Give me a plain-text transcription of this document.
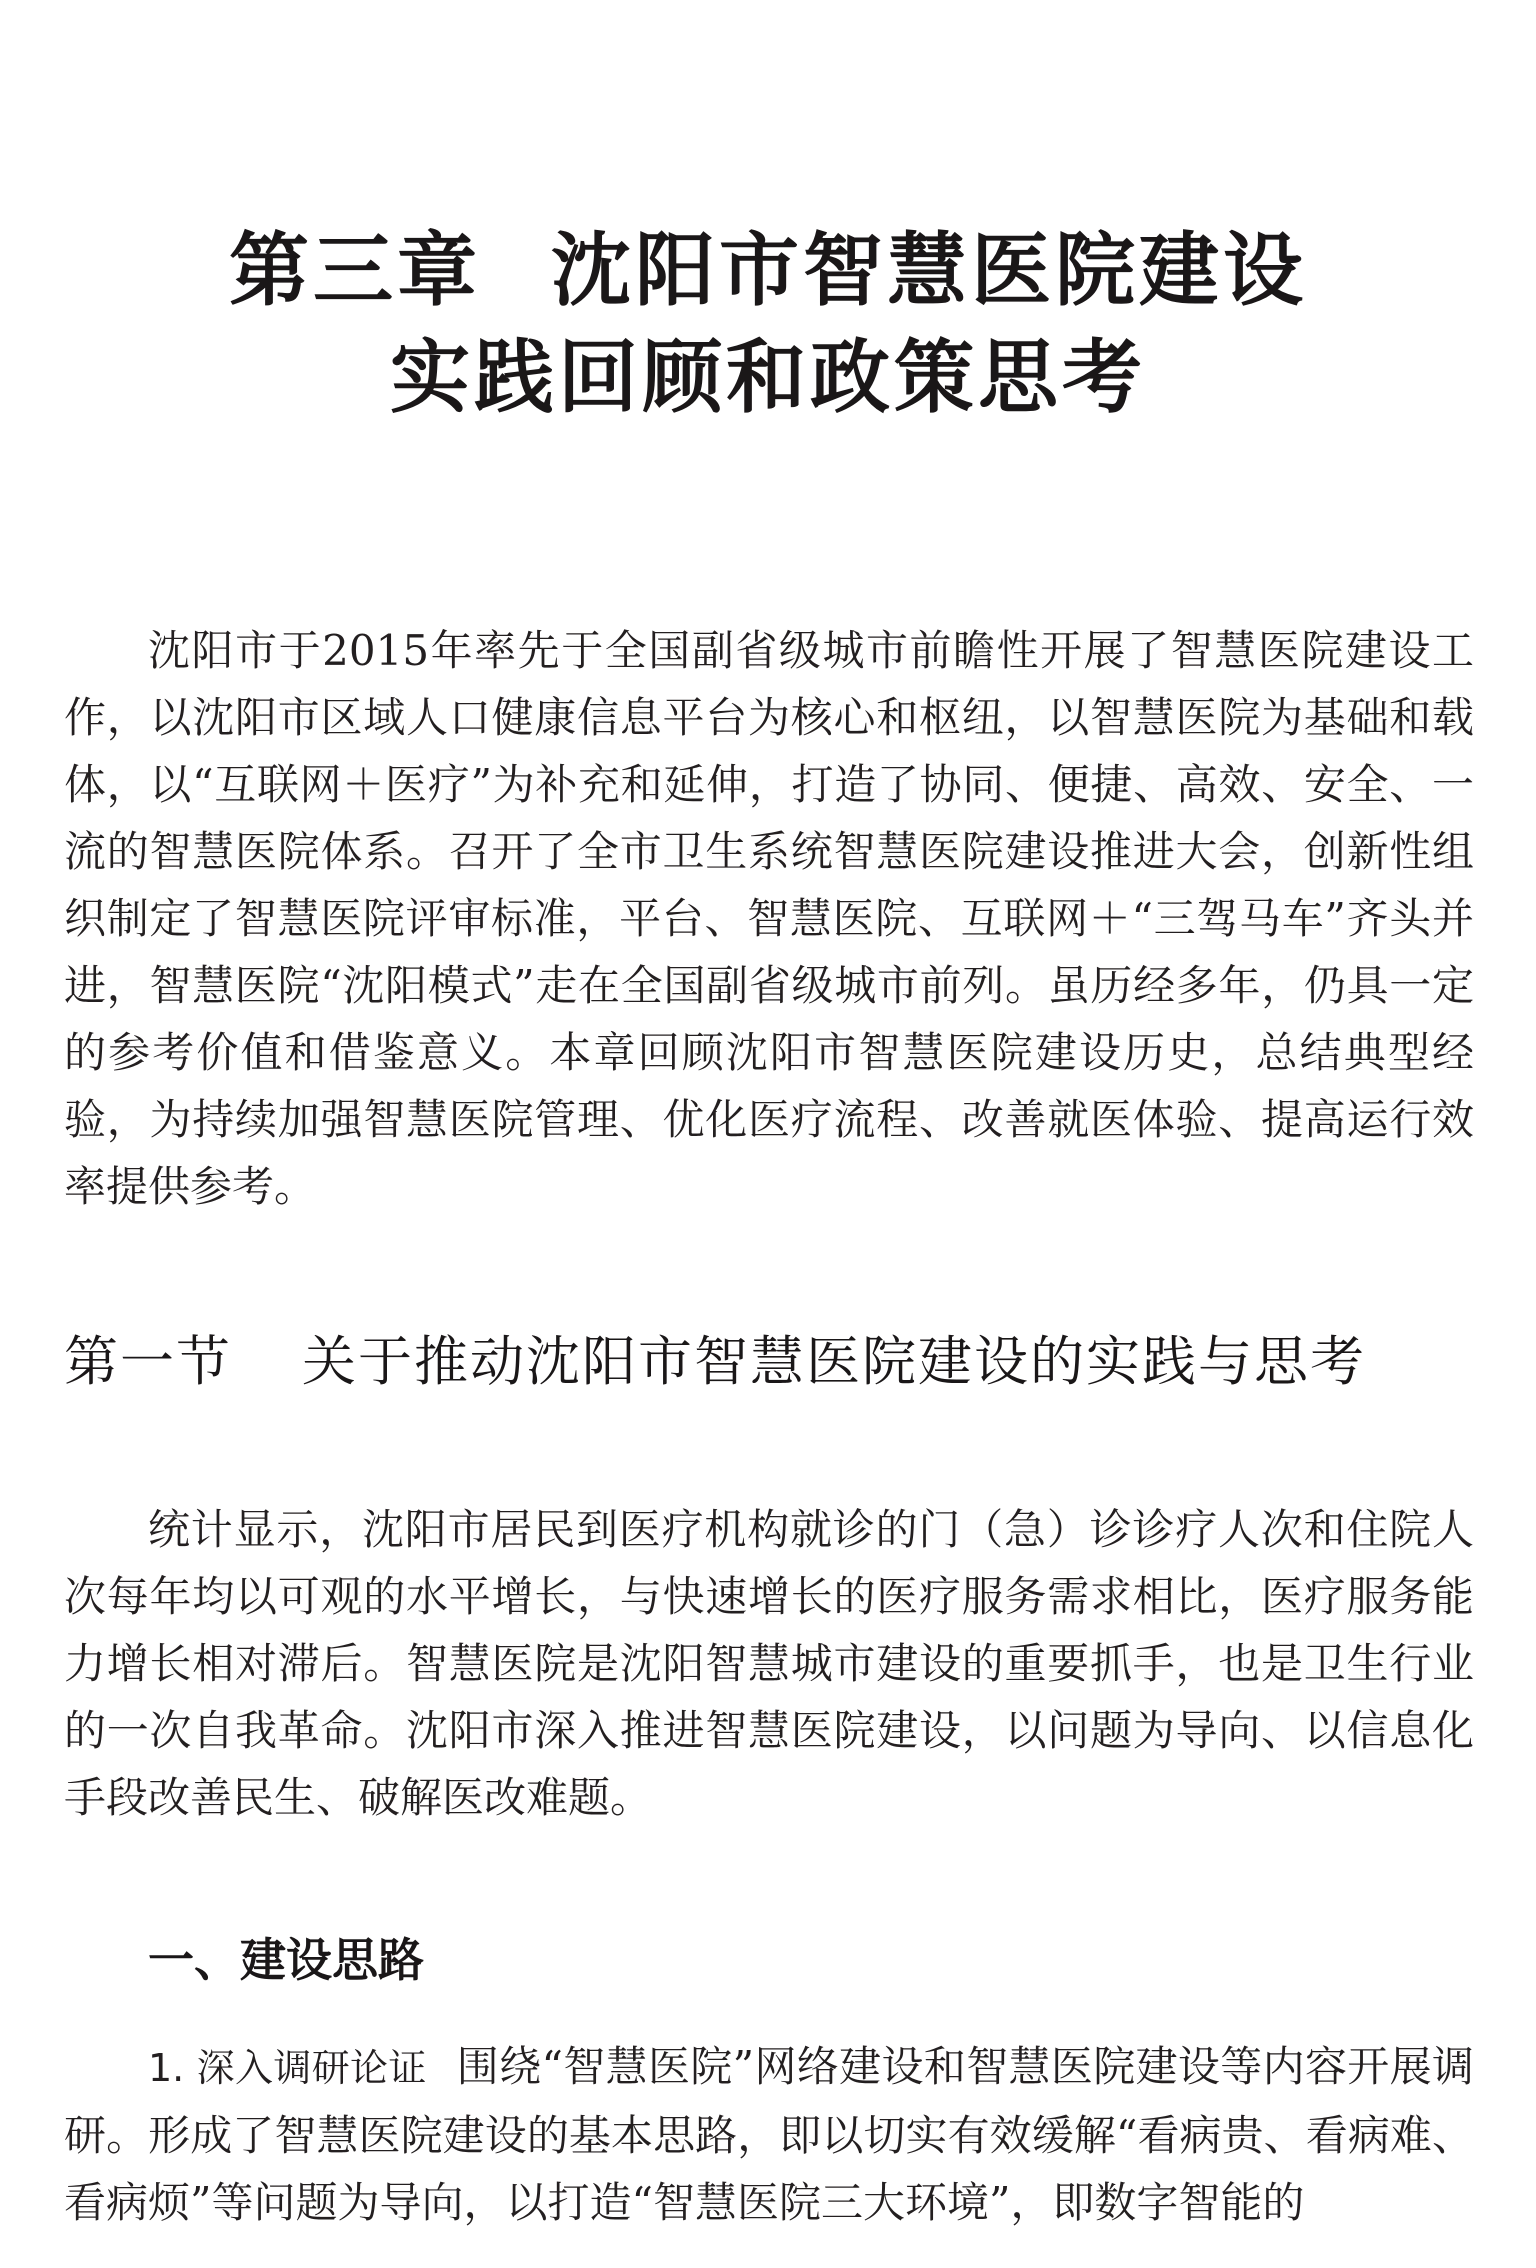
第三章 沈阳市智慧医院建设
实践回顾和政策思考

沈阳市于2015年率先于全国副省级城市前瞻性开展了智慧医院建设工作，以沈阳市区域人口健康信息平台为核心和枢纽，以智慧医院为基础和载体，以“互联网＋医疗”为补充和延伸，打造了协同、便捷、高效、安全、一流的智慧医院体系。召开了全市卫生系统智慧医院建设推进大会，创新性组织制定了智慧医院评审标准，平台、智慧医院、互联网＋“三驾马车”齐头并进，智慧医院“沈阳模式”走在全国副省级城市前列。虽历经多年，仍具一定的参考价值和借鉴意义。本章回顾沈阳市智慧医院建设历史，总结典型经验，为持续加强智慧医院管理、优化医疗流程、改善就医体验、提高运行效率提供参考。

第一节 关于推动沈阳市智慧医院建设的实践与思考

统计显示，沈阳市居民到医疗机构就诊的门（急）诊诊疗人次和住院人次每年均以可观的水平增长，与快速增长的医疗服务需求相比，医疗服务能力增长相对滞后。智慧医院是沈阳智慧城市建设的重要抓手，也是卫生行业的一次自我革命。沈阳市深入推进智慧医院建设，以问题为导向、以信息化手段改善民生、破解医改难题。

一、建设思路

1. 深入调研论证 围绕“智慧医院”网络建设和智慧医院建设等内容开展调研。形成了智慧医院建设的基本思路，即以切实有效缓解“看病贵、看病难、看病烦”等问题为导向，以打造“智慧医院三大环境”，即数字智能的
